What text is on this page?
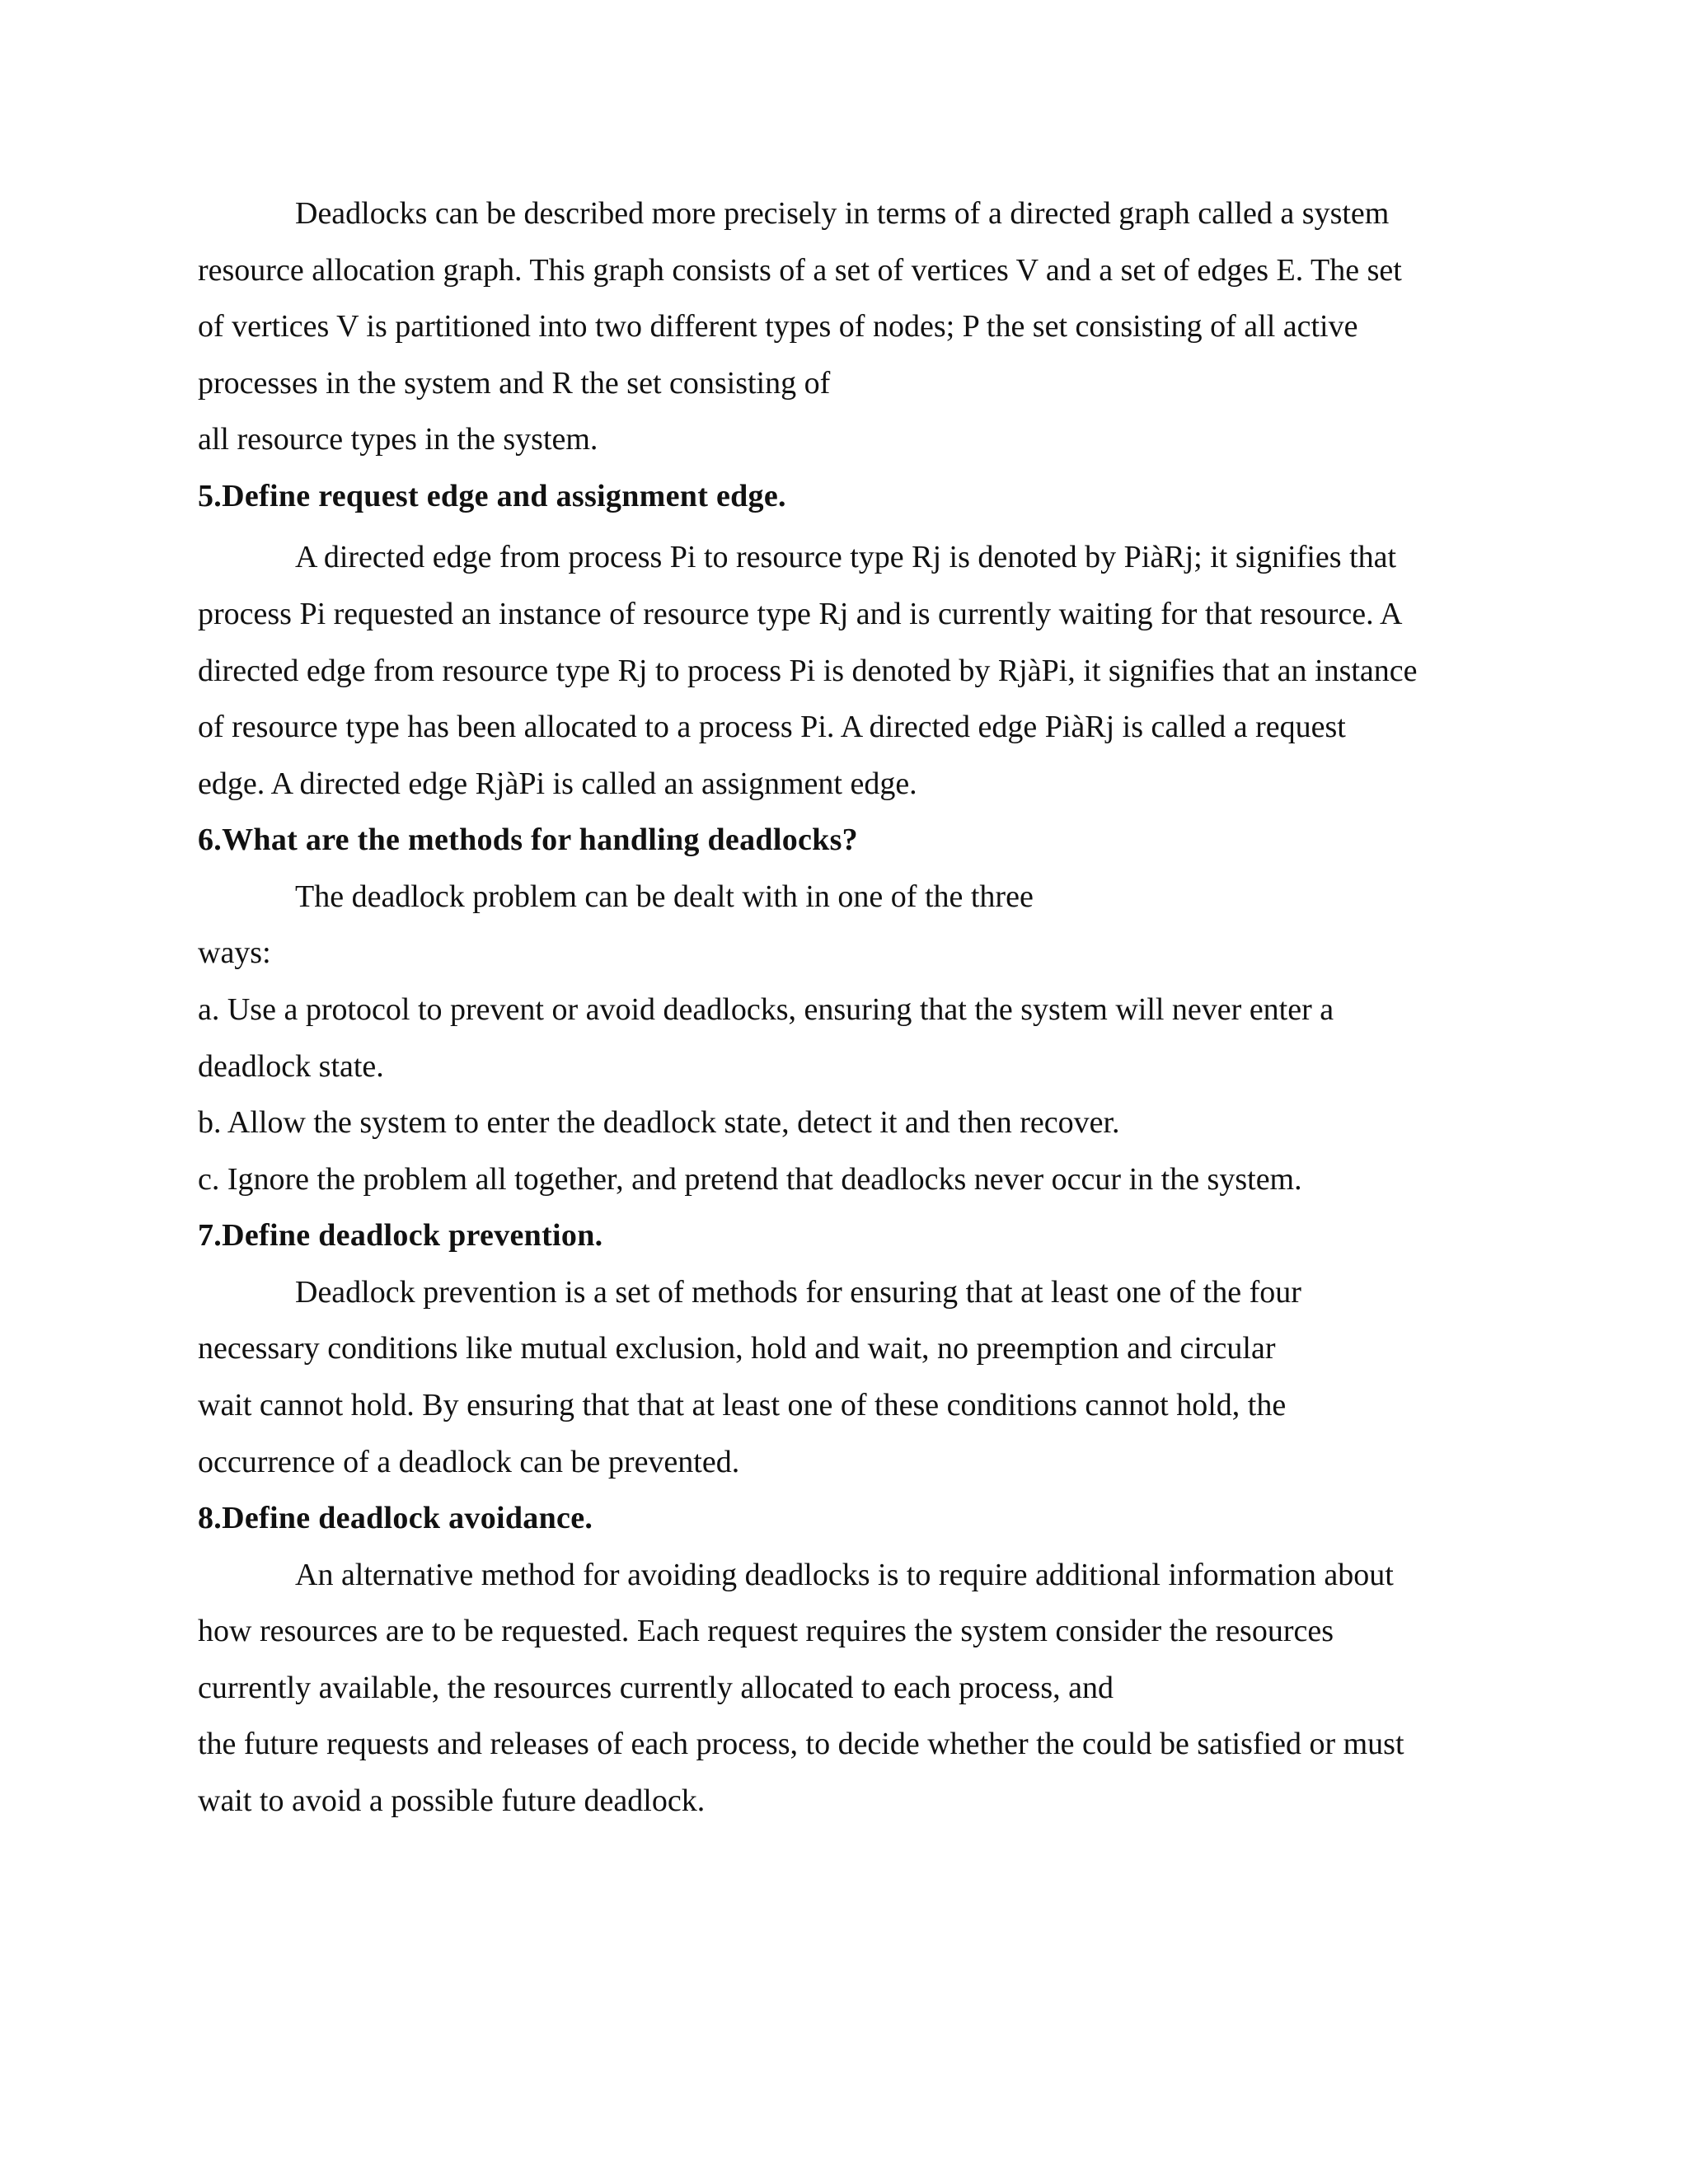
Deadlocks can be described more precisely in terms of a directed graph called a system

resource allocation graph. This graph consists of a set of vertices V and a set of edges E. The set

of vertices V is partitioned into two different types of nodes; P the set consisting of all active

processes in the system and R the set consisting of

all resource types in the system.

5.Define request edge and assignment edge.

A directed edge from process Pi to resource type Rj is denoted by PiàRj; it signifies that

process Pi requested an instance of resource type Rj and is currently waiting for that resource. A

directed edge from resource type Rj to process Pi is denoted by RjàPi, it signifies that an instance

of resource type has been allocated to a process Pi. A directed edge PiàRj is called a request

edge. A directed edge RjàPi is called an assignment edge.

6.What are the methods for handling deadlocks?

The deadlock problem can be dealt with in one of the three

ways:

a. Use a protocol to prevent or avoid deadlocks, ensuring that the system will never enter a

deadlock state.

b. Allow the system to enter the deadlock state, detect it and then recover.

c. Ignore the problem all together, and pretend that deadlocks never occur in the system.

7.Define deadlock prevention.

Deadlock prevention is a set of methods for ensuring that at least one of the four

necessary conditions like mutual exclusion, hold and wait, no preemption and circular

wait cannot hold. By ensuring that that at least one of these conditions cannot hold, the

occurrence of a deadlock can be prevented.

8.Define deadlock avoidance.

An alternative method for avoiding deadlocks is to require additional information about

how resources are to be requested. Each request requires the system consider the resources

currently available, the resources currently allocated to each process, and

the future requests and releases of each process, to decide whether the could be satisfied or must

wait to avoid a possible future deadlock.
